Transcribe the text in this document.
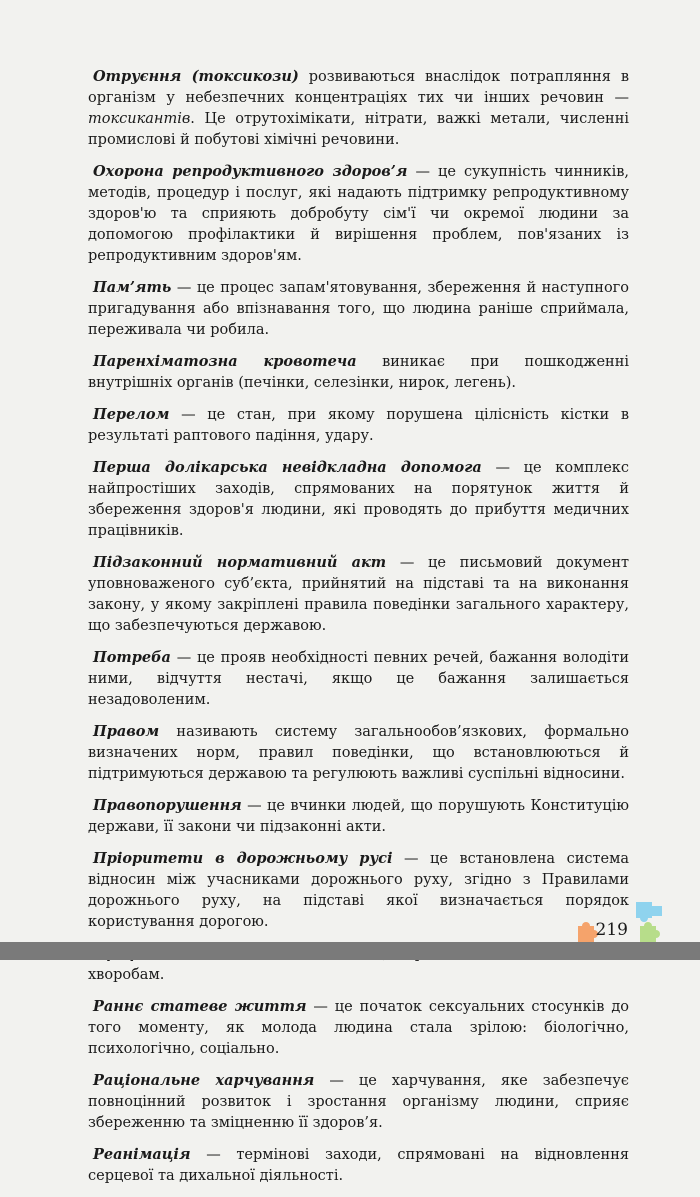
Отруєння (токсикози) розвиваються внаслідок потрапляння в організм у небезпечних концентраціях тих чи інших речовин — токсикантів. Це отрутохімікати, нітрати, важкі метали, численні промислові й побутові хімічні речовини.

Охорона репродуктивного здоров’я — це сукупність чинників, методів, процедур і послуг, які надають підтримку репродуктивному здоров'ю та сприяють добробуту сім'ї чи окремої людини за допомогою профілактики й вирішення проблем, пов'язаних із репродуктивним здоров'ям.

Пам’ять — це процес запам'ятовування, збереження й наступного пригадування або впізнавання того, що людина раніше сприймала, переживала чи робила.

Паренхіматозна кровотеча виникає при пошкодженні внутрішніх органів (печінки, селезінки, нирок, легень).

Перелом — це стан, при якому порушена цілісність кістки в результаті раптового падіння, удару.

Перша долікарська невідкладна допомога — це комплекс найпростіших заходів, спрямованих на порятунок життя й збереження здоров'я людини, які проводять до прибуття медичних працівників.

Підзаконний нормативний акт — це письмовий документ уповноваженого суб’єкта, прийнятий на підставі та на виконання закону, у якому закріплені правила поведінки загального характеру, що забезпечуються державою.

Потреба — це прояв необхідності певних речей, бажання володіти ними, відчуття нестачі, якщо це бажання залишається незадоволеним.

Правом називають систему загальнообов’язкових, формально визначених норм, правил поведінки, що встановлюються й підтримуються державою та регулюють важливі суспільні відносини.

Правопорушення — це вчинки людей, що порушують Конституцію держави, її закони чи підзаконні акти.

Пріоритети в дорожньому русі — це встановлена система відносин між учасниками дорожнього руху, згідно з Правилами дорожнього руху, на підставі якої визначається порядок користування дорогою.

хворобам.

Раннє статеве життя — це початок сексуальних стосунків до того моменту, як молода людина стала зрілою: біологічно, психологічно, соціально.

Раціональне харчування — це харчування, яке забезпечує повноцінний розвиток і зростання організму людини, сприяє збереженню та зміцненню її здоров’я.

Реанімація — термінові заходи, спрямовані на відновлення серцевої та дихальної діяльності.

219
